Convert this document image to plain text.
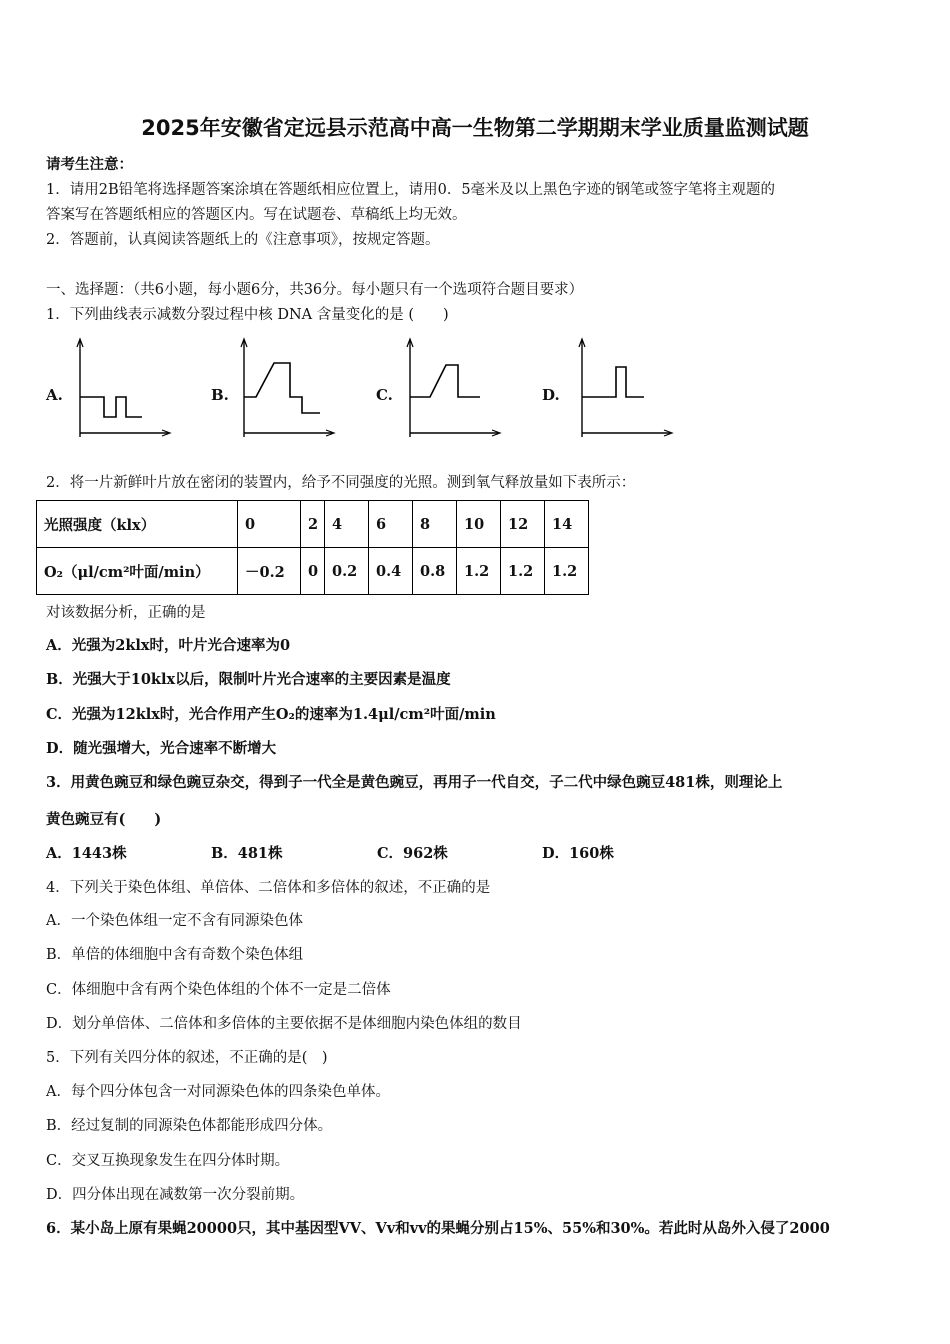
2025年安徽省定远县示范高中高一生物第二学期期末学业质量监测试题
请考生注意：
1．请用2B铅笔将选择题答案涂填在答题纸相应位置上，请用0．5毫米及以上黑色字迹的钢笔或签字笔将主观题的
答案写在答题纸相应的答题区内。写在试题卷、草稿纸上均无效。
2．答题前，认真阅读答题纸上的《注意事项》，按规定答题。
一、选择题：（共6小题，每小题6分，共36分。每小题只有一个选项符合题目要求）
1．下列曲线表示减数分裂过程中核 DNA 含量变化的是 (　　)
A.	B.	C.	D.
2．将一片新鲜叶片放在密闭的装置内，给予不同强度的光照。测到氧气释放量如下表所示：
光照强度（klx）	0	2	4	6	8	10	12	14
O₂（μl/cm²叶面/min）	－0.2	0	0.2	0.4	0.8	1.2	1.2	1.2
对该数据分析，正确的是
A．光强为2klx时，叶片光合速率为0
B．光强大于10klx以后，限制叶片光合速率的主要因素是温度
C．光强为12klx时，光合作用产生O₂的速率为1.4μl/cm²叶面/min
D．随光强增大，光合速率不断增大
3．用黄色豌豆和绿色豌豆杂交，得到子一代全是黄色豌豆，再用子一代自交，子二代中绿色豌豆481株，则理论上
黄色豌豆有(　　)
A．1443株	B．481株	C．962株	D．160株
4．下列关于染色体组、单倍体、二倍体和多倍体的叙述，不正确的是
A．一个染色体组一定不含有同源染色体
B．单倍的体细胞中含有奇数个染色体组
C．体细胞中含有两个染色体组的个体不一定是二倍体
D．划分单倍体、二倍体和多倍体的主要依据不是体细胞内染色体组的数目
5．下列有关四分体的叙述，不正确的是(　)
A．每个四分体包含一对同源染色体的四条染色单体。
B．经过复制的同源染色体都能形成四分体。
C．交叉互换现象发生在四分体时期。
D．四分体出现在减数第一次分裂前期。
6．某小岛上原有果蝇20000只，其中基因型VV、Vv和vv的果蝇分别占15%、55%和30%。若此时从岛外入侵了2000
